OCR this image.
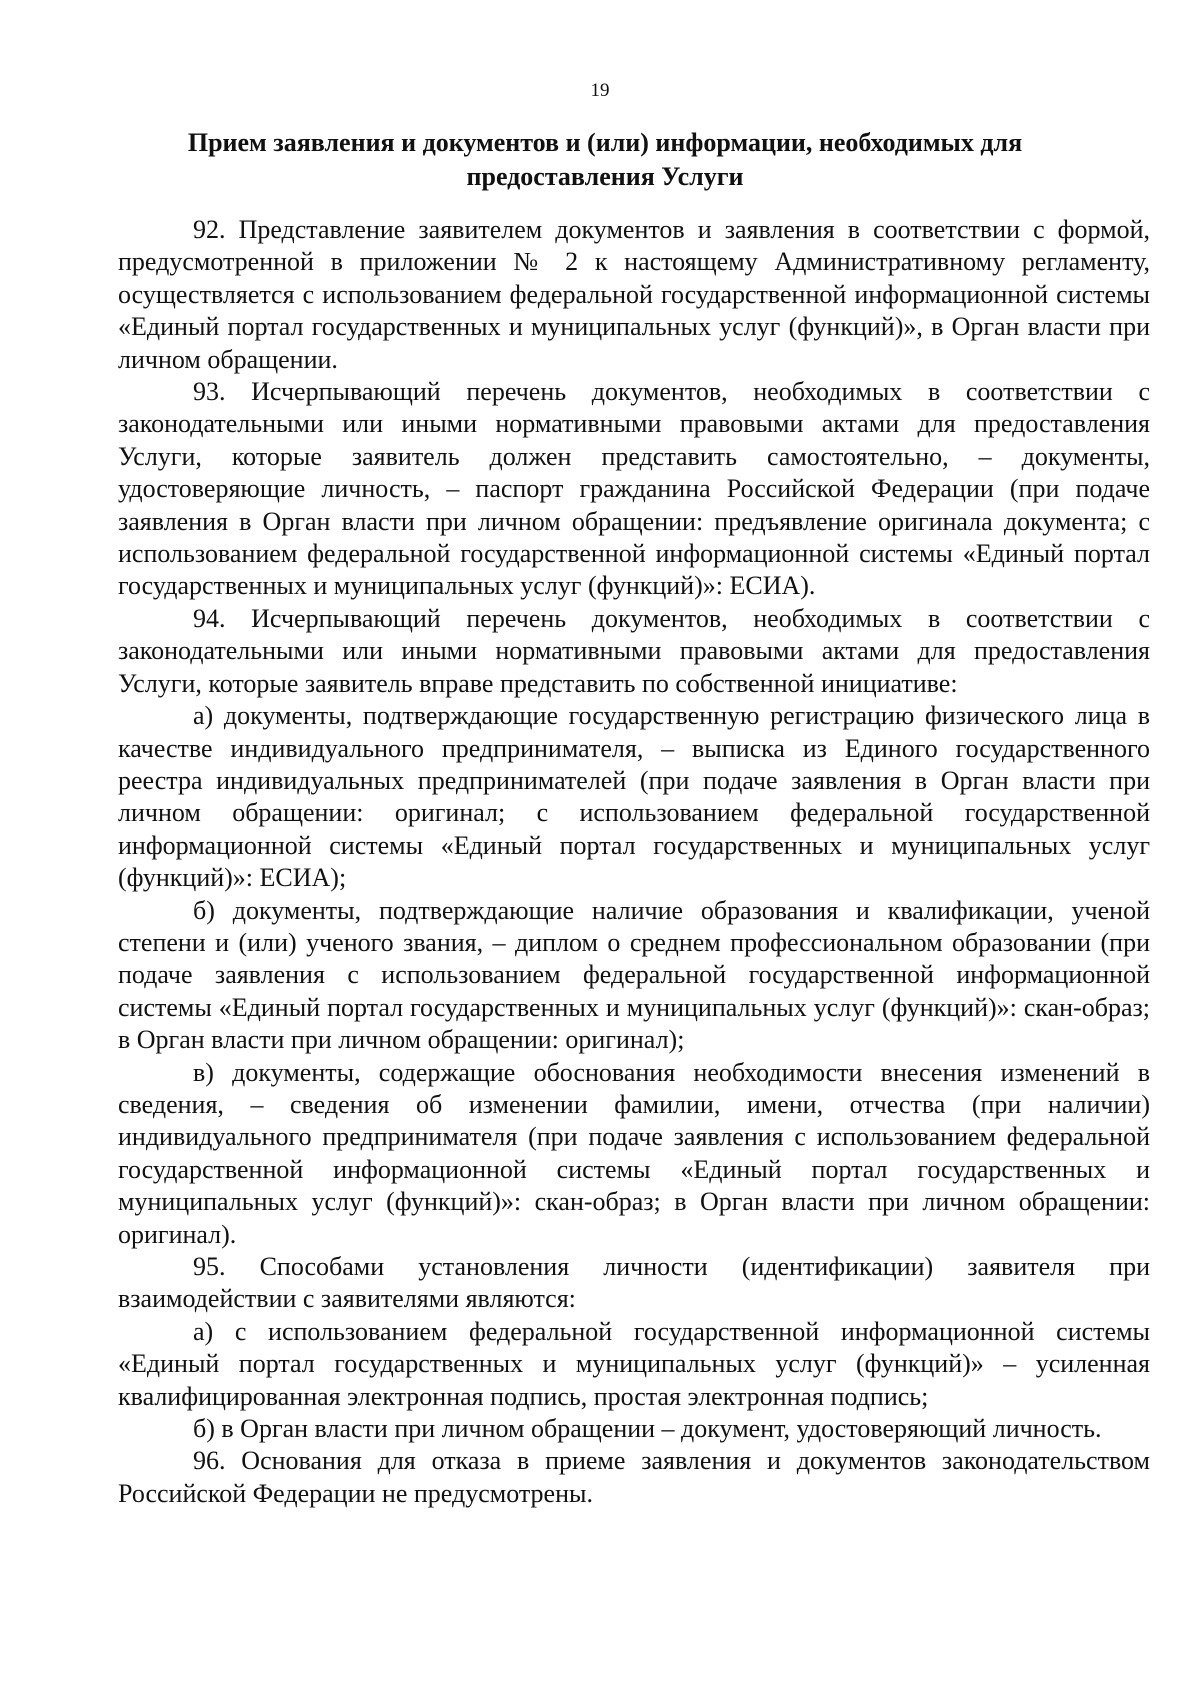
19
Прием заявления и документов и (или) информации, необходимых для
предоставления Услуги

92. Представление заявителем документов и заявления в соответствии с формой, предусмотренной в приложении № 2 к настоящему Административному регламенту, осуществляется с использованием федеральной государственной информационной системы «Единый портал государственных и муниципальных услуг (функций)», в Орган власти при личном обращении.

93. Исчерпывающий перечень документов, необходимых в соответствии с законодательными или иными нормативными правовыми актами для предоставления Услуги, которые заявитель должен представить самостоятельно, – документы, удостоверяющие личность, – паспорт гражданина Российской Федерации (при подаче заявления в Орган власти при личном обращении: предъявление оригинала документа; с использованием федеральной государственной информационной системы «Единый портал государственных и муниципальных услуг (функций)»: ЕСИА).

94. Исчерпывающий перечень документов, необходимых в соответствии с законодательными или иными нормативными правовыми актами для предоставления Услуги, которые заявитель вправе представить по собственной инициативе:

а) документы, подтверждающие государственную регистрацию физического лица в качестве индивидуального предпринимателя, – выписка из Единого государственного реестра индивидуальных предпринимателей (при подаче заявления в Орган власти при личном обращении: оригинал; с использованием федеральной государственной информационной системы «Единый портал государственных и муниципальных услуг (функций)»: ЕСИА);

б) документы, подтверждающие наличие образования и квалификации, ученой степени и (или) ученого звания, – диплом о среднем профессиональном образовании (при подаче заявления с использованием федеральной государственной информационной системы «Единый портал государственных и муниципальных услуг (функций)»: скан-образ; в Орган власти при личном обращении: оригинал);

в) документы, содержащие обоснования необходимости внесения изменений в сведения, – сведения об изменении фамилии, имени, отчества (при наличии) индивидуального предпринимателя (при подаче заявления с использованием федеральной государственной информационной системы «Единый портал государственных и муниципальных услуг (функций)»: скан-образ; в Орган власти при личном обращении: оригинал).

95. Способами установления личности (идентификации) заявителя при взаимодействии с заявителями являются:

а) с использованием федеральной государственной информационной системы «Единый портал государственных и муниципальных услуг (функций)» – усиленная квалифицированная электронная подпись, простая электронная подпись;

б) в Орган власти при личном обращении – документ, удостоверяющий личность.

96. Основания для отказа в приеме заявления и документов законодательством Российской Федерации не предусмотрены.
